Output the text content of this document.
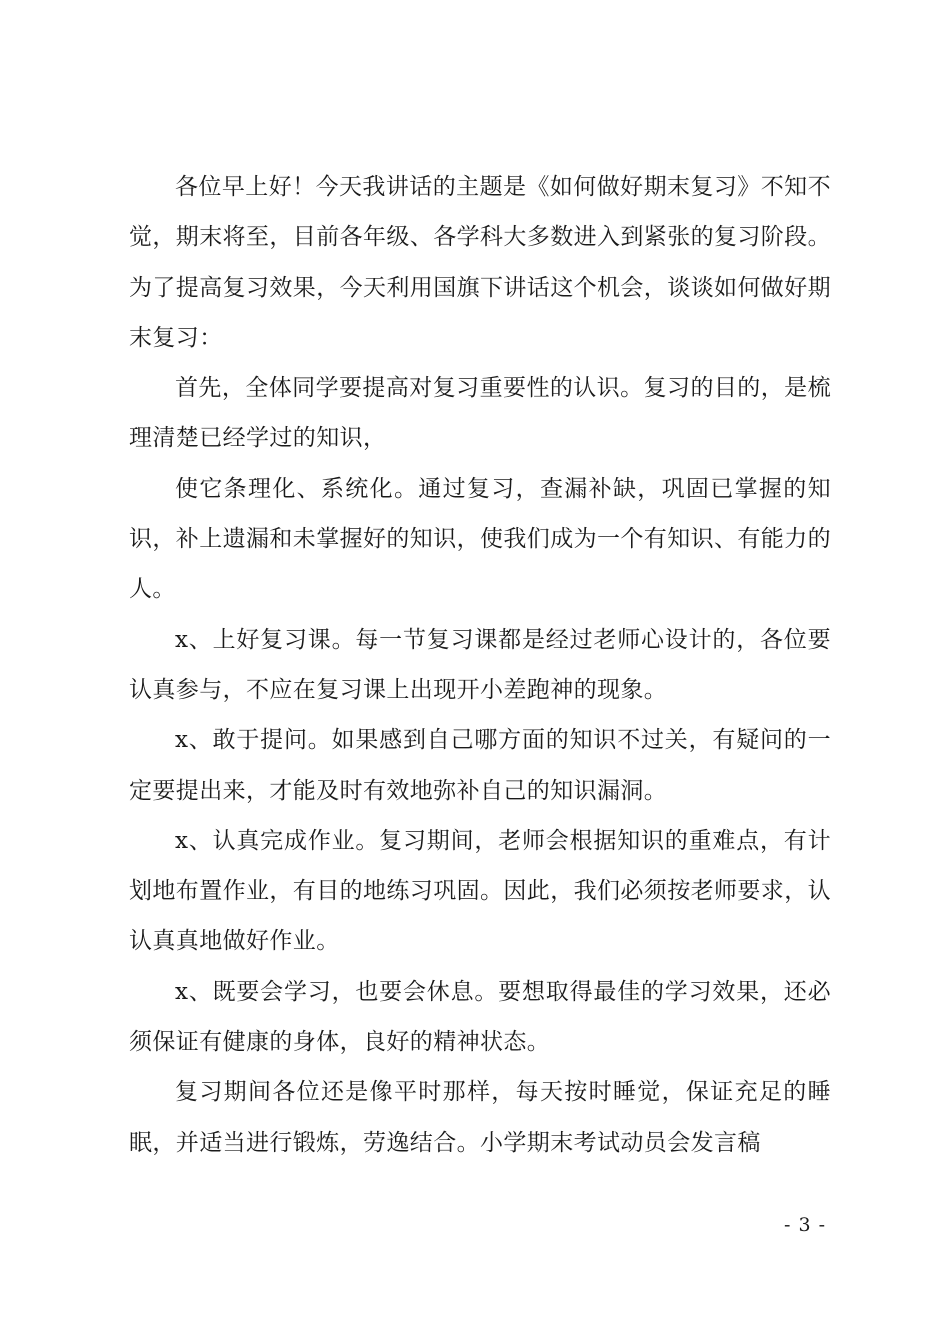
各位早上好！今天我讲话的主题是《如何做好期末复习》不知不觉，期末将至，目前各年级、各学科大多数进入到紧张的复习阶段。为了提高复习效果，今天利用国旗下讲话这个机会，谈谈如何做好期末复习：

首先，全体同学要提高对复习重要性的认识。复习的目的，是梳理清楚已经学过的知识，

使它条理化、系统化。通过复习，查漏补缺，巩固已掌握的知识，补上遗漏和未掌握好的知识，使我们成为一个有知识、有能力的人。

x、上好复习课。每一节复习课都是经过老师心设计的，各位要认真参与，不应在复习课上出现开小差跑神的现象。

x、敢于提问。如果感到自己哪方面的知识不过关，有疑问的一定要提出来，才能及时有效地弥补自己的知识漏洞。

x、认真完成作业。复习期间，老师会根据知识的重难点，有计划地布置作业，有目的地练习巩固。因此，我们必须按老师要求，认认真真地做好作业。

x、既要会学习，也要会休息。要想取得最佳的学习效果，还必须保证有健康的身体，良好的精神状态。

复习期间各位还是像平时那样，每天按时睡觉，保证充足的睡眠，并适当进行锻炼，劳逸结合。小学期末考试动员会发言稿

- 3 -
